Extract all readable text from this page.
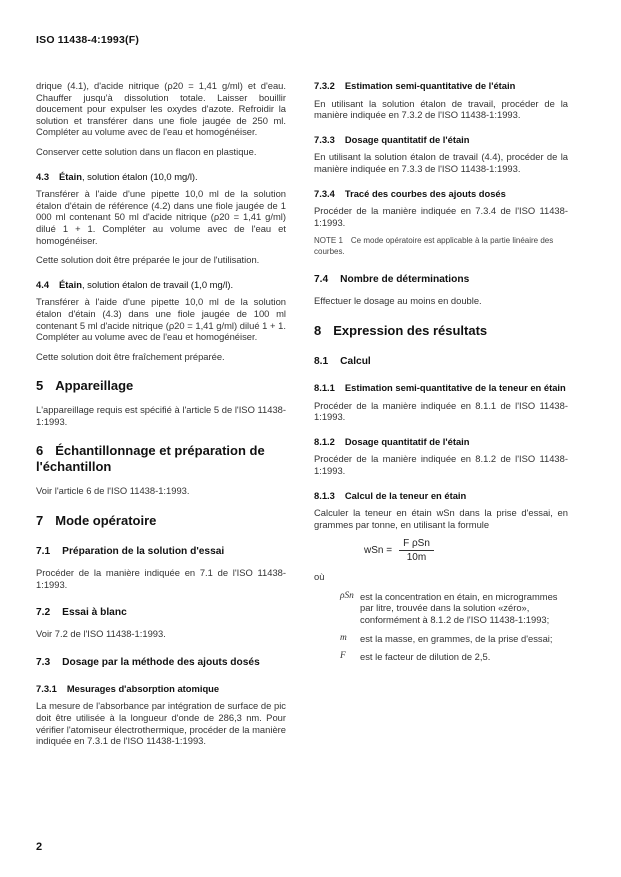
ISO 11438-4:1993(F)

drique (4.1), d'acide nitrique (ρ20 = 1,41 g/ml) et d'eau. Chauffer jusqu'à dissolution totale. Laisser bouillir doucement pour expulser les oxydes d'azote. Refroidir la solution et transférer dans une fiole jaugée de 250 ml. Compléter au volume avec de l'eau et homogénéiser.

Conserver cette solution dans un flacon en plastique.

4.3 Étain, solution étalon (10,0 mg/l).

Transférer à l'aide d'une pipette 10,0 ml de la solution étalon d'étain de référence (4.2) dans une fiole jaugée de 1 000 ml contenant 50 ml d'acide nitrique (ρ20 = 1,41 g/ml) dilué 1 + 1. Compléter au volume avec de l'eau et homogénéiser.

Cette solution doit être préparée le jour de l'utilisation.

4.4 Étain, solution étalon de travail (1,0 mg/l).

Transférer à l'aide d'une pipette 10,0 ml de la solution étalon d'étain (4.3) dans une fiole jaugée de 100 ml contenant 5 ml d'acide nitrique (ρ20 = 1,41 g/ml) dilué 1 + 1. Compléter au volume avec de l'eau et homogénéiser.

Cette solution doit être fraîchement préparée.

5 Appareillage

L'appareillage requis est spécifié à l'article 5 de l'ISO 11438-1:1993.

6 Échantillonnage et préparation de l'échantillon

Voir l'article 6 de l'ISO 11438-1:1993.

7 Mode opératoire
7.1 Préparation de la solution d'essai

Procéder de la manière indiquée en 7.1 de l'ISO 11438-1:1993.

7.2 Essai à blanc

Voir 7.2 de l'ISO 11438-1:1993.

7.3 Dosage par la méthode des ajouts dosés
7.3.1 Mesurages d'absorption atomique

La mesure de l'absorbance par intégration de surface de pic doit être utilisée à la longueur d'onde de 286,3 nm. Pour vérifier l'atomiseur électrothermique, procéder de la manière indiquée en 7.3.1 de l'ISO 11438-1:1993.

7.3.2 Estimation semi-quantitative de l'étain

En utilisant la solution étalon de travail, procéder de la manière indiquée en 7.3.2 de l'ISO 11438-1:1993.

7.3.3 Dosage quantitatif de l'étain

En utilisant la solution étalon de travail (4.4), procéder de la manière indiquée en 7.3.3 de l'ISO 11438-1:1993.

7.3.4 Tracé des courbes des ajouts dosés

Procéder de la manière indiquée en 7.3.4 de l'ISO 11438-1:1993.

NOTE 1 Ce mode opératoire est applicable à la partie linéaire des courbes.
7.4 Nombre de déterminations

Effectuer le dosage au moins en double.

8 Expression des résultats
8.1 Calcul
8.1.1 Estimation semi-quantitative de la teneur en étain

Procéder de la manière indiquée en 8.1.1 de l'ISO 11438-1:1993.

8.1.2 Dosage quantitatif de l'étain

Procéder de la manière indiquée en 8.1.2 de l'ISO 11438-1:1993.

8.1.3 Calcul de la teneur en étain

Calculer la teneur en étain wSn dans la prise d'essai, en grammes par tonne, en utilisant la formule

wSn = $\frac{\text{F ρSn}}{10m}$

où

ρSn est la concentration en étain, en microgrammes par litre, trouvée dans la solution «zéro», conformément à 8.1.2 de l'ISO 11438-1:1993;
m	est la masse, en grammes, de la prise d'essai;
F	est le facteur de dilution de 2,5.
2
